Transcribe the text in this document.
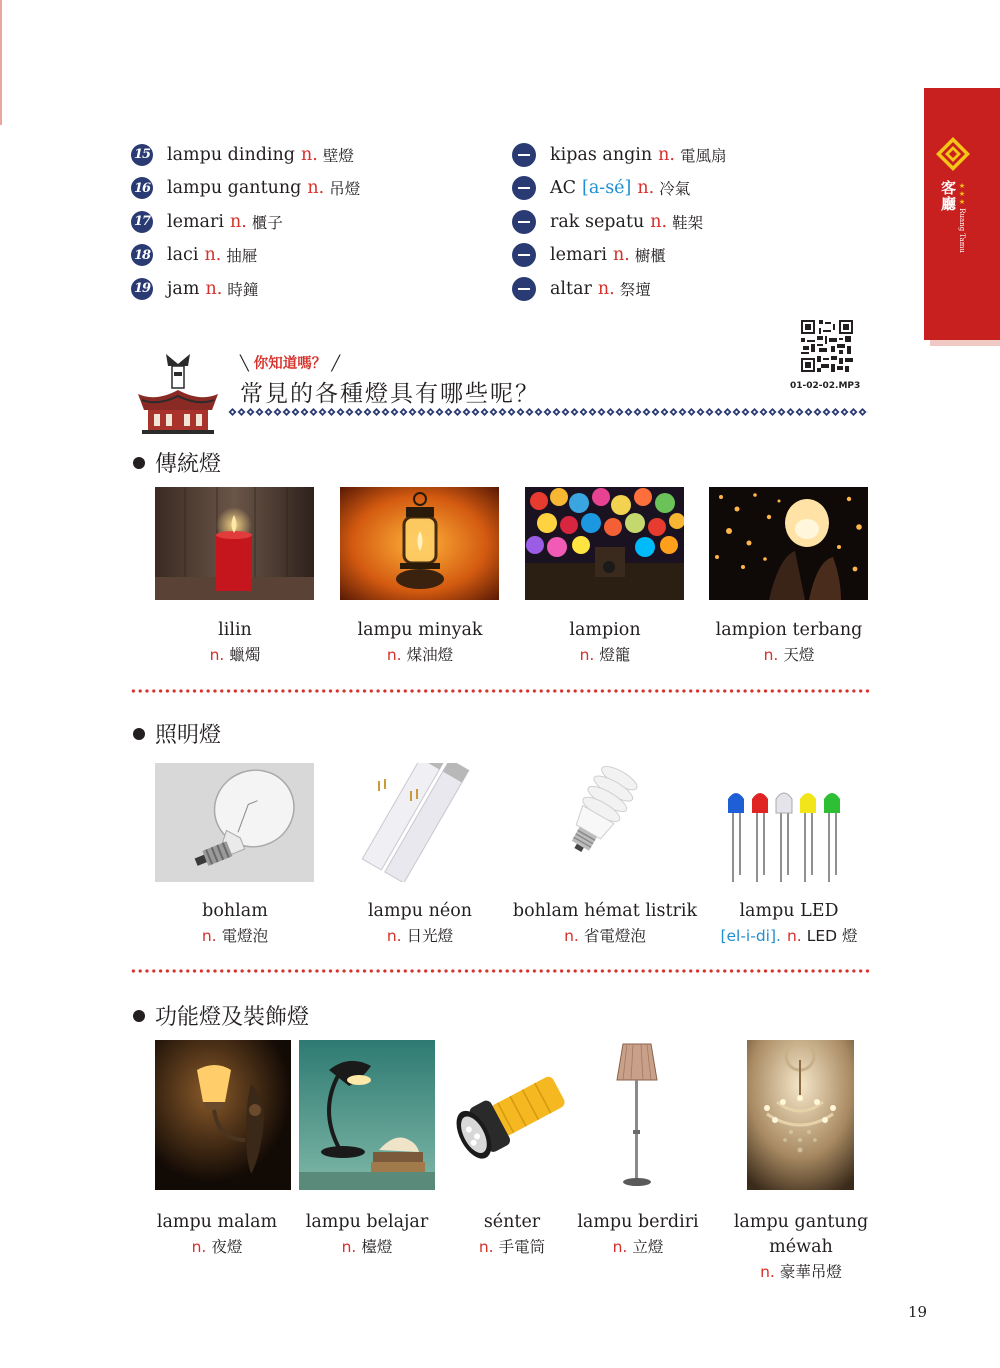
客廳 ★★★ Ruang Tamu
15 lampu dinding n. 壁燈
16 lampu gantung n. 吊燈
17 lemari n. 櫃子
18 laci n. 抽屜
19 jam n. 時鐘
kipas angin n. 電風扇
AC [a-sé] n. 冷氣
rak sepatu n. 鞋架
lemari n. 櫥櫃
altar n. 祭壇
01-02-02.MP3
╲ 你知道嗎？ ╱
常見的各種燈具有哪些呢？
傳統燈
lilin
n. 蠟燭
lampu minyak
n. 煤油燈
lampion
n. 燈籠
lampion terbang
n. 天燈
照明燈
bohlam
n. 電燈泡
lampu néon
n. 日光燈
bohlam hémat listrik
n. 省電燈泡
lampu LED
[el-i-di]. n. LED 燈
功能燈及裝飾燈
lampu malam
n. 夜燈
lampu belajar
n. 檯燈
sénter
n. 手電筒
lampu berdiri
n. 立燈
lampu gantung
méwah
n. 豪華吊燈
19
